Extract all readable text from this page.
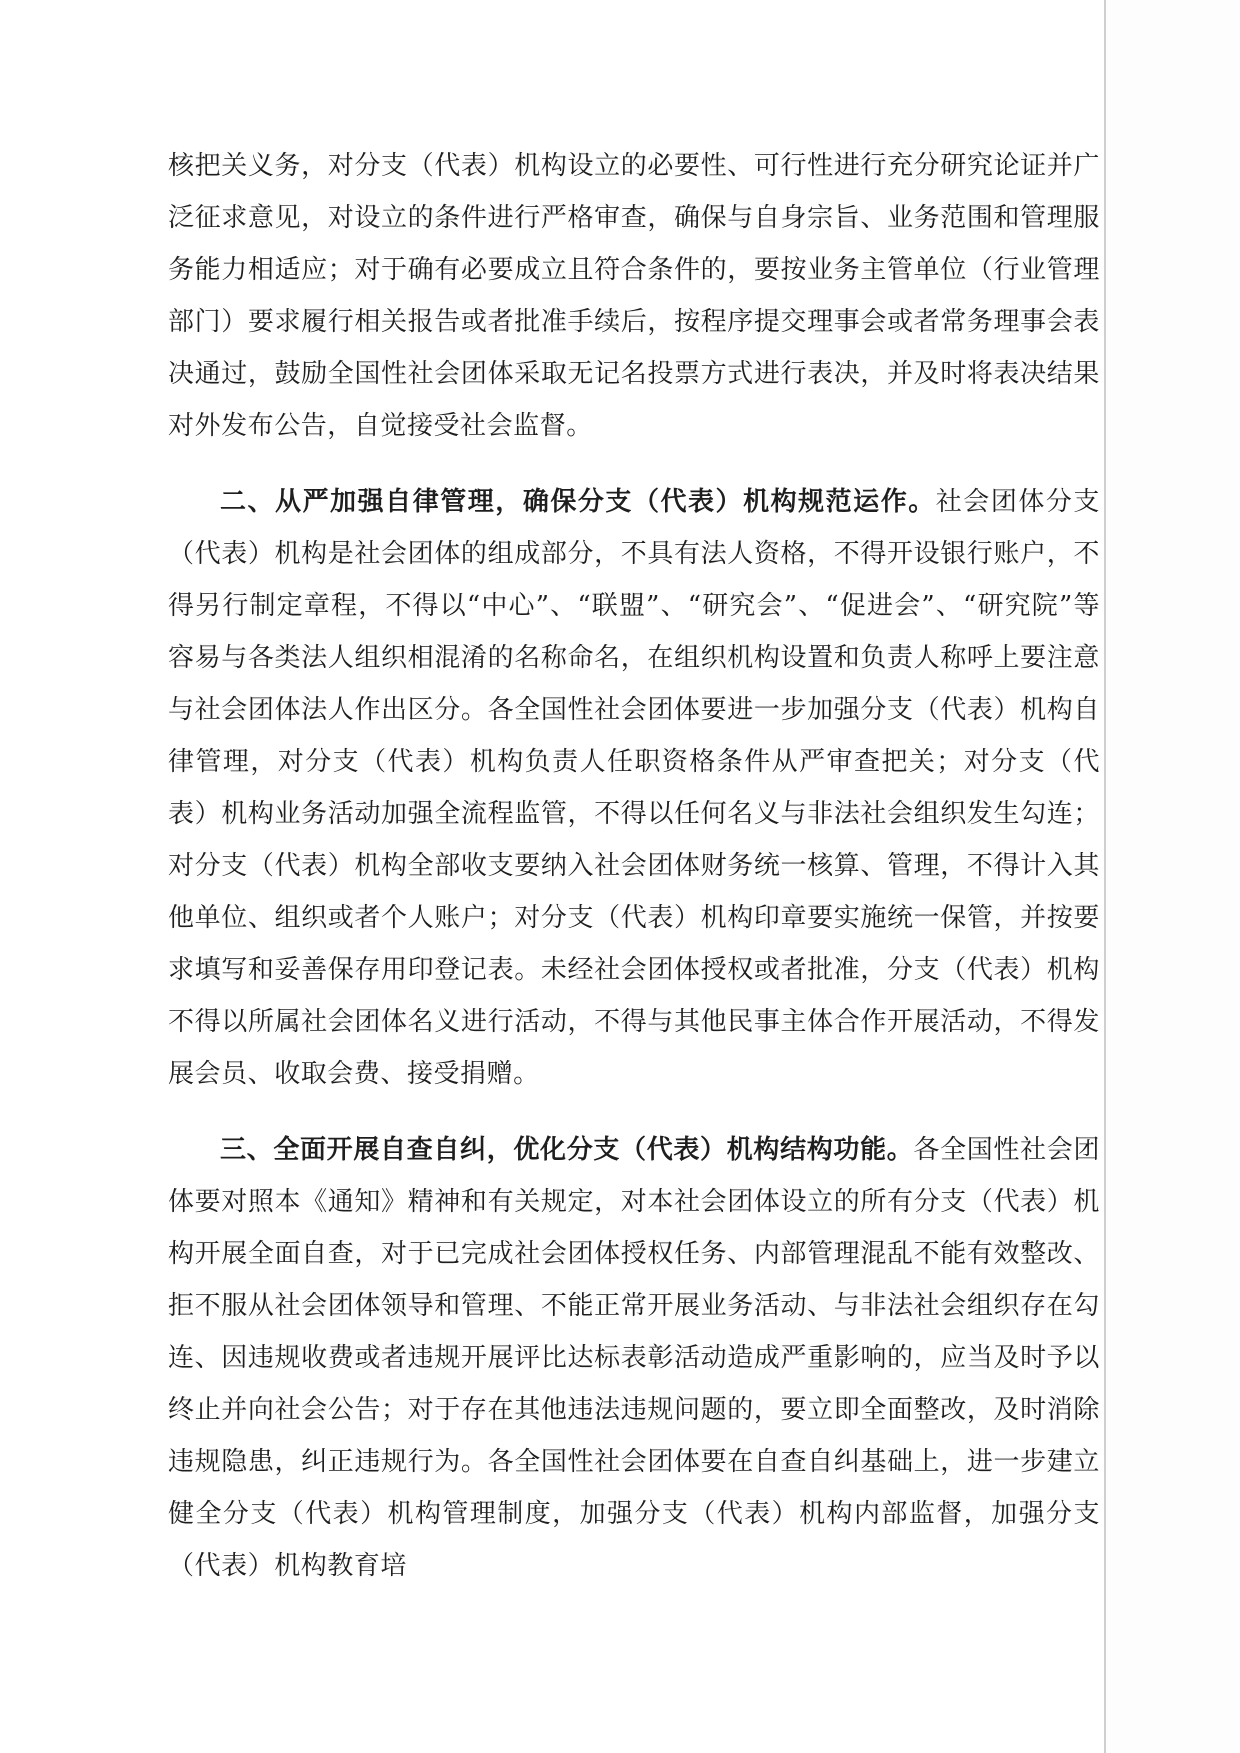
核把关义务，对分支（代表）机构设立的必要性、可行性进行充分研究论证并广泛征求意见，对设立的条件进行严格审查，确保与自身宗旨、业务范围和管理服务能力相适应；对于确有必要成立且符合条件的，要按业务主管单位（行业管理部门）要求履行相关报告或者批准手续后，按程序提交理事会或者常务理事会表决通过，鼓励全国性社会团体采取无记名投票方式进行表决，并及时将表决结果对外发布公告，自觉接受社会监督。

二、从严加强自律管理，确保分支（代表）机构规范运作。社会团体分支（代表）机构是社会团体的组成部分，不具有法人资格，不得开设银行账户，不得另行制定章程，不得以“中心”、“联盟”、“研究会”、“促进会”、“研究院”等容易与各类法人组织相混淆的名称命名，在组织机构设置和负责人称呼上要注意与社会团体法人作出区分。各全国性社会团体要进一步加强分支（代表）机构自律管理，对分支（代表）机构负责人任职资格条件从严审查把关；对分支（代表）机构业务活动加强全流程监管，不得以任何名义与非法社会组织发生勾连；对分支（代表）机构全部收支要纳入社会团体财务统一核算、管理，不得计入其他单位、组织或者个人账户；对分支（代表）机构印章要实施统一保管，并按要求填写和妥善保存用印登记表。未经社会团体授权或者批准，分支（代表）机构不得以所属社会团体名义进行活动，不得与其他民事主体合作开展活动，不得发展会员、收取会费、接受捐赠。

三、全面开展自查自纠，优化分支（代表）机构结构功能。各全国性社会团体要对照本《通知》精神和有关规定，对本社会团体设立的所有分支（代表）机构开展全面自查，对于已完成社会团体授权任务、内部管理混乱不能有效整改、拒不服从社会团体领导和管理、不能正常开展业务活动、与非法社会组织存在勾连、因违规收费或者违规开展评比达标表彰活动造成严重影响的，应当及时予以终止并向社会公告；对于存在其他违法违规问题的，要立即全面整改，及时消除违规隐患，纠正违规行为。各全国性社会团体要在自查自纠基础上，进一步建立健全分支（代表）机构管理制度，加强分支（代表）机构内部监督，加强分支（代表）机构教育培
